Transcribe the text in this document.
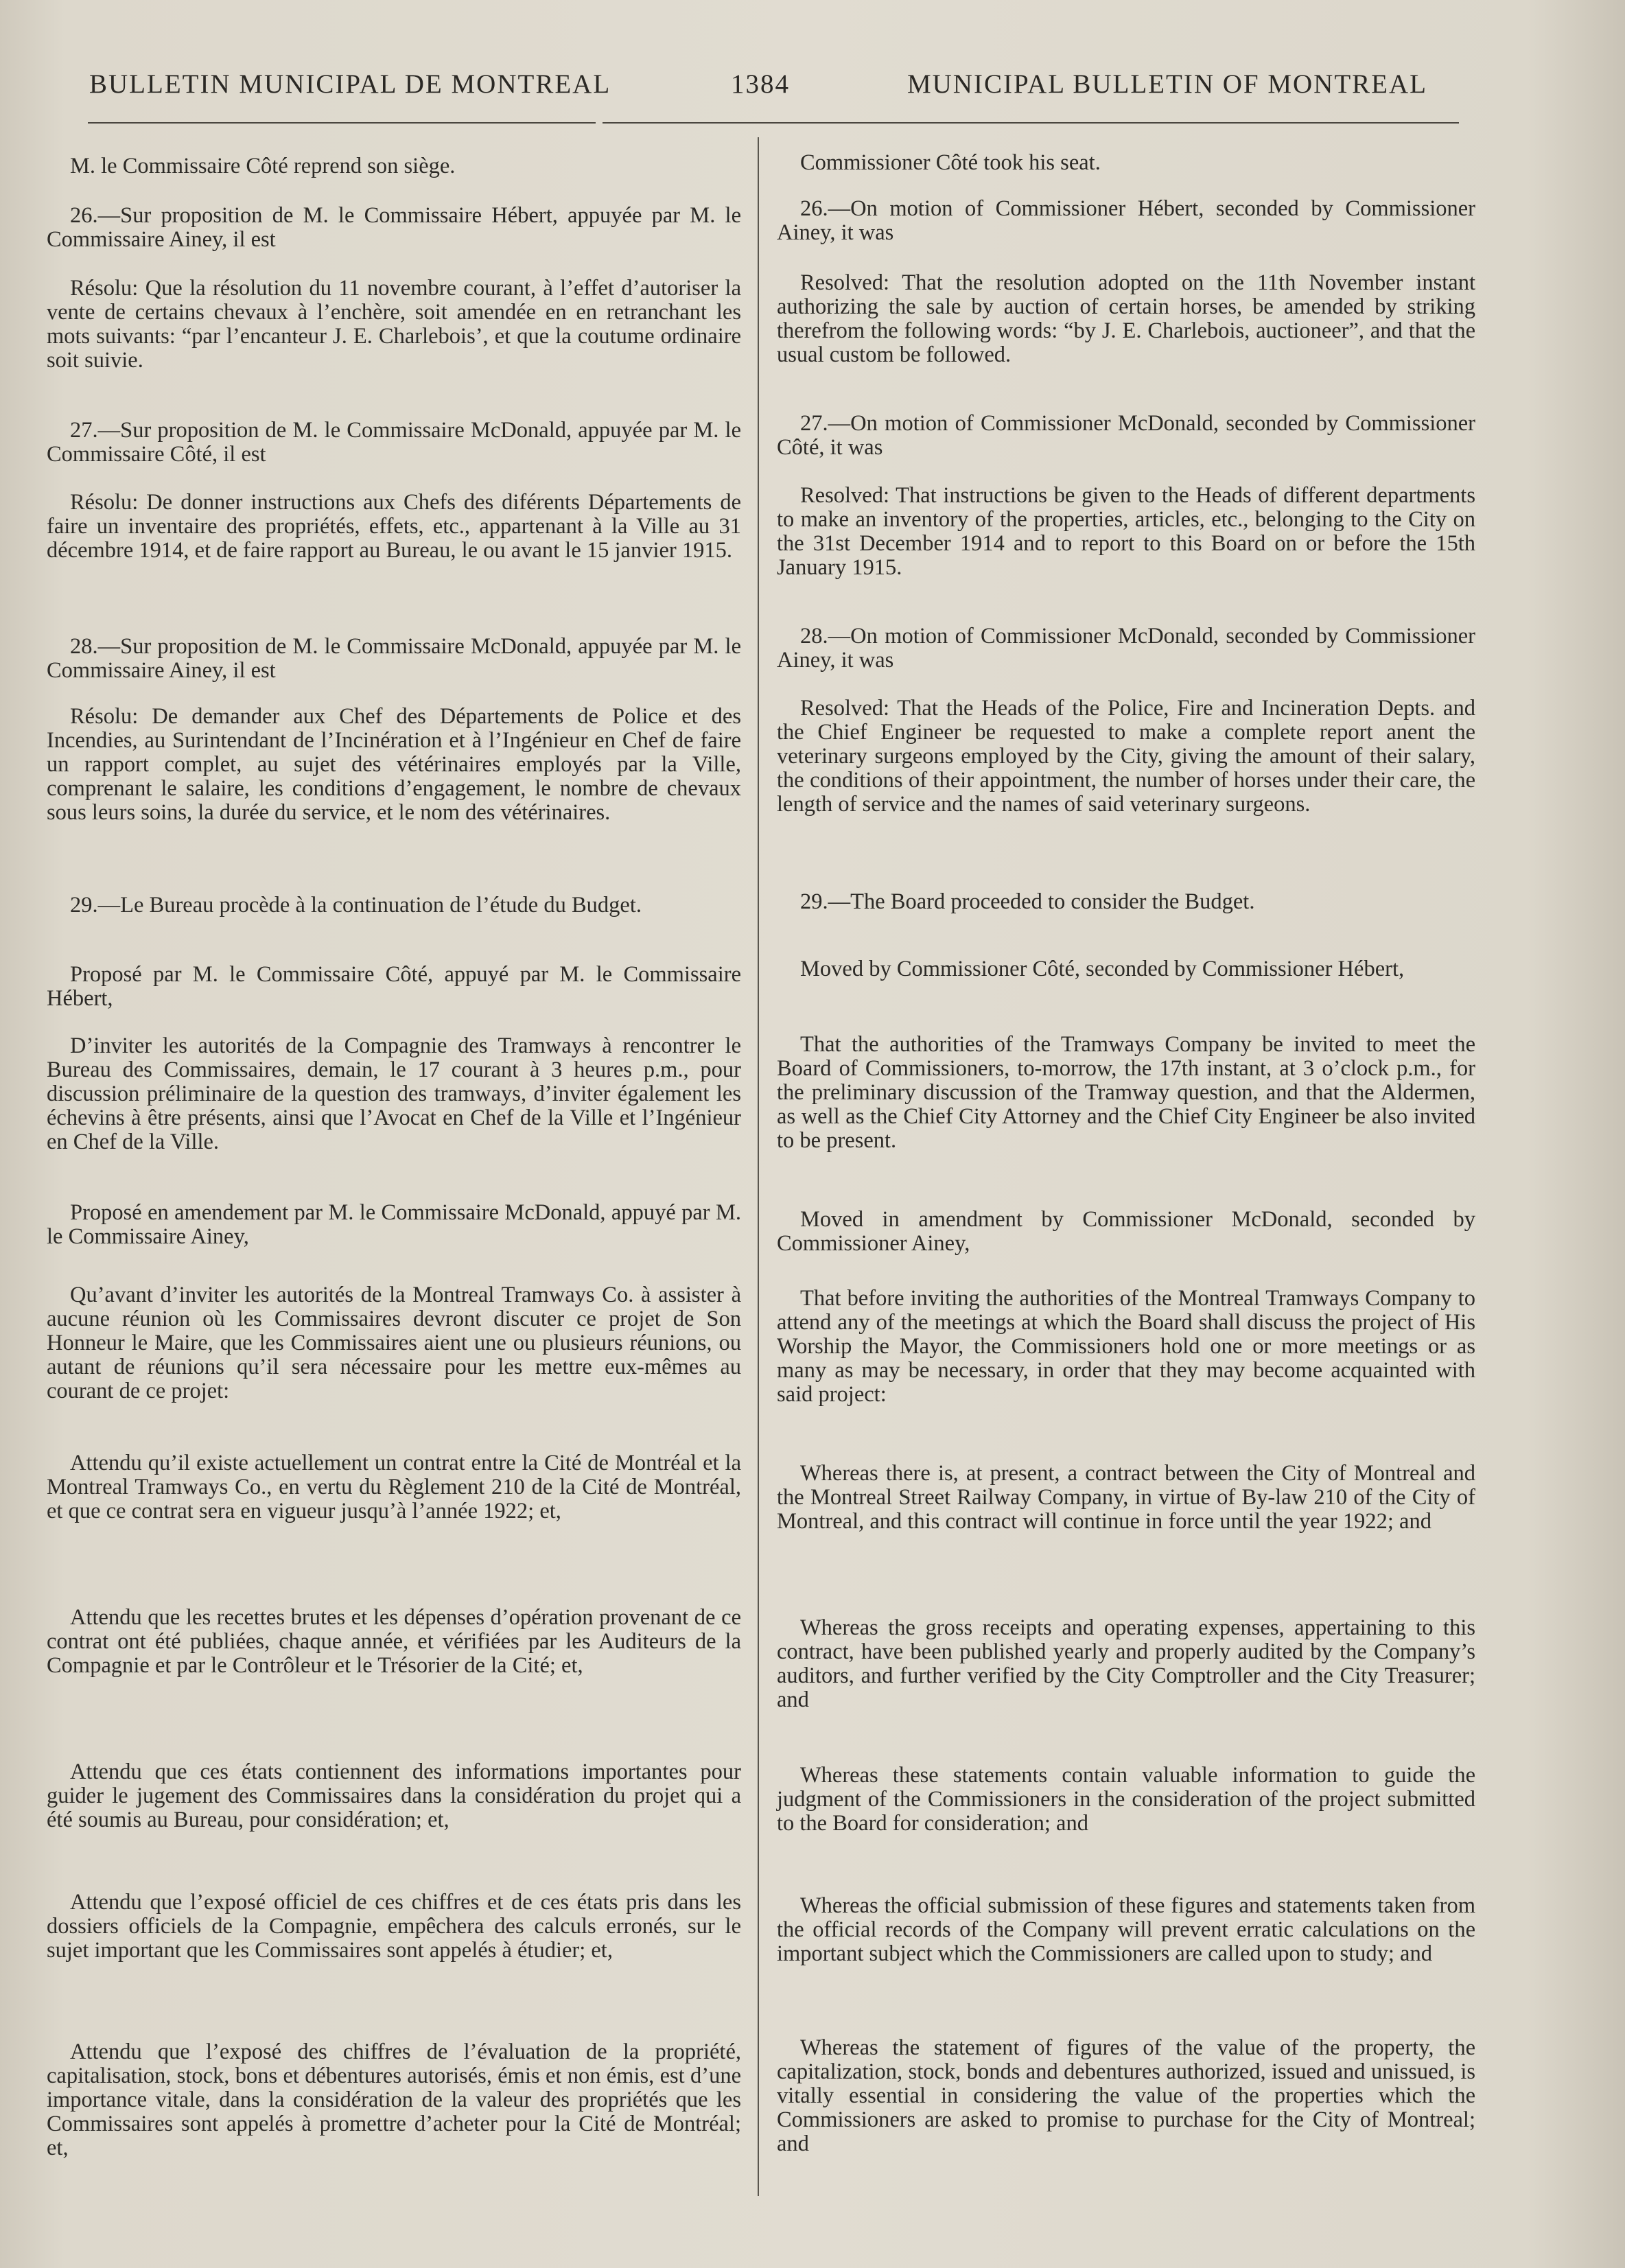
BULLETIN MUNICIPAL DE MONTREAL	1384	MUNICIPAL BULLETIN OF MONTREAL

M. le Commissaire Côté reprend son siège.

26.—Sur proposition de M. le Commissaire Hébert, appuyée par M. le Commissaire Ainey, il est

Résolu: Que la résolution du 11 novembre courant, à l’effet d’autoriser la vente de certains chevaux à l’enchère, soit amendée en en retranchant les mots suivants: “par l’encanteur J. E. Charlebois’, et que la coutume ordinaire soit suivie.

27.—Sur proposition de M. le Commissaire McDonald, appuyée par M. le Commissaire Côté, il est

Résolu: De donner instructions aux Chefs des diférents Départements de faire un inventaire des propriétés, effets, etc., appartenant à la Ville au 31 décembre 1914, et de faire rapport au Bureau, le ou avant le 15 janvier 1915.

28.—Sur proposition de M. le Commissaire McDonald, appuyée par M. le Commissaire Ainey, il est

Résolu: De demander aux Chef des Départements de Police et des Incendies, au Surintendant de l’Incinération et à l’Ingénieur en Chef de faire un rapport complet, au sujet des vétérinaires employés par la Ville, comprenant le salaire, les conditions d’engagement, le nombre de chevaux sous leurs soins, la durée du service, et le nom des vétérinaires.

29.—Le Bureau procède à la continuation de l’étude du Budget.

Proposé par M. le Commissaire Côté, appuyé par M. le Commissaire Hébert,

D’inviter les autorités de la Compagnie des Tramways à rencontrer le Bureau des Commissaires, demain, le 17 courant à 3 heures p.m., pour discussion préliminaire de la question des tramways, d’inviter également les échevins à être présents, ainsi que l’Avocat en Chef de la Ville et l’Ingénieur en Chef de la Ville.

Proposé en amendement par M. le Commissaire McDonald, appuyé par M. le Commissaire Ainey,

Qu’avant d’inviter les autorités de la Montreal Tramways Co. à assister à aucune réunion où les Commissaires devront discuter ce projet de Son Honneur le Maire, que les Commissaires aient une ou plusieurs réunions, ou autant de réunions qu’il sera nécessaire pour les mettre eux-mêmes au courant de ce projet:

Attendu qu’il existe actuellement un contrat entre la Cité de Montréal et la Montreal Tramways Co., en vertu du Règlement 210 de la Cité de Montréal, et que ce contrat sera en vigueur jusqu’à l’année 1922; et,

Attendu que les recettes brutes et les dépenses d’opération provenant de ce contrat ont été publiées, chaque année, et vérifiées par les Auditeurs de la Compagnie et par le Contrôleur et le Trésorier de la Cité; et,

Attendu que ces états contiennent des informations importantes pour guider le jugement des Commissaires dans la considération du projet qui a été soumis au Bureau, pour considération; et,

Attendu que l’exposé officiel de ces chiffres et de ces états pris dans les dossiers officiels de la Compagnie, empêchera des calculs erronés, sur le sujet important que les Commissaires sont appelés à étudier; et,

Attendu que l’exposé des chiffres de l’évaluation de la propriété, capitalisation, stock, bons et débentures autorisés, émis et non émis, est d’une importance vitale, dans la considération de la valeur des propriétés que les Commissaires sont appelés à promettre d’acheter pour la Cité de Montréal; et,

Commissioner Côté took his seat.

26.—On motion of Commissioner Hébert, seconded by Commissioner Ainey, it was

Resolved: That the resolution adopted on the 11th November instant authorizing the sale by auction of certain horses, be amended by striking therefrom the following words: “by J. E. Charlebois, auctioneer”, and that the usual custom be followed.

27.—On motion of Commissioner McDonald, seconded by Commissioner Côté, it was

Resolved: That instructions be given to the Heads of different departments to make an inventory of the properties, articles, etc., belonging to the City on the 31st December 1914 and to report to this Board on or before the 15th January 1915.

28.—On motion of Commissioner McDonald, seconded by Commissioner Ainey, it was

Resolved: That the Heads of the Police, Fire and Incineration Depts. and the Chief Engineer be requested to make a complete report anent the veterinary surgeons employed by the City, giving the amount of their salary, the conditions of their appointment, the number of horses under their care, the length of service and the names of said veterinary surgeons.

29.—The Board proceeded to consider the Budget.

Moved by Commissioner Côté, seconded by Commissioner Hébert,

That the authorities of the Tramways Company be invited to meet the Board of Commissioners, to-morrow, the 17th instant, at 3 o’clock p.m., for the preliminary discussion of the Tramway question, and that the Aldermen, as well as the Chief City Attorney and the Chief City Engineer be also invited to be present.

Moved in amendment by Commissioner McDonald, seconded by Commissioner Ainey,

That before inviting the authorities of the Montreal Tramways Company to attend any of the meetings at which the Board shall discuss the project of His Worship the Mayor, the Commissioners hold one or more meetings or as many as may be necessary, in order that they may become acquainted with said project:

Whereas there is, at present, a contract between the City of Montreal and the Montreal Street Railway Company, in virtue of By-law 210 of the City of Montreal, and this contract will continue in force until the year 1922; and

Whereas the gross receipts and operating expenses, appertaining to this contract, have been published yearly and properly audited by the Company’s auditors, and further verified by the City Comptroller and the City Treasurer; and

Whereas these statements contain valuable information to guide the judgment of the Commissioners in the consideration of the project submitted to the Board for consideration; and

Whereas the official submission of these figures and statements taken from the official records of the Company will prevent erratic calculations on the important subject which the Commissioners are called upon to study; and

Whereas the statement of figures of the value of the property, the capitalization, stock, bonds and debentures authorized, issued and unissued, is vitally essential in considering the value of the properties which the Commissioners are asked to promise to purchase for the City of Montreal; and
